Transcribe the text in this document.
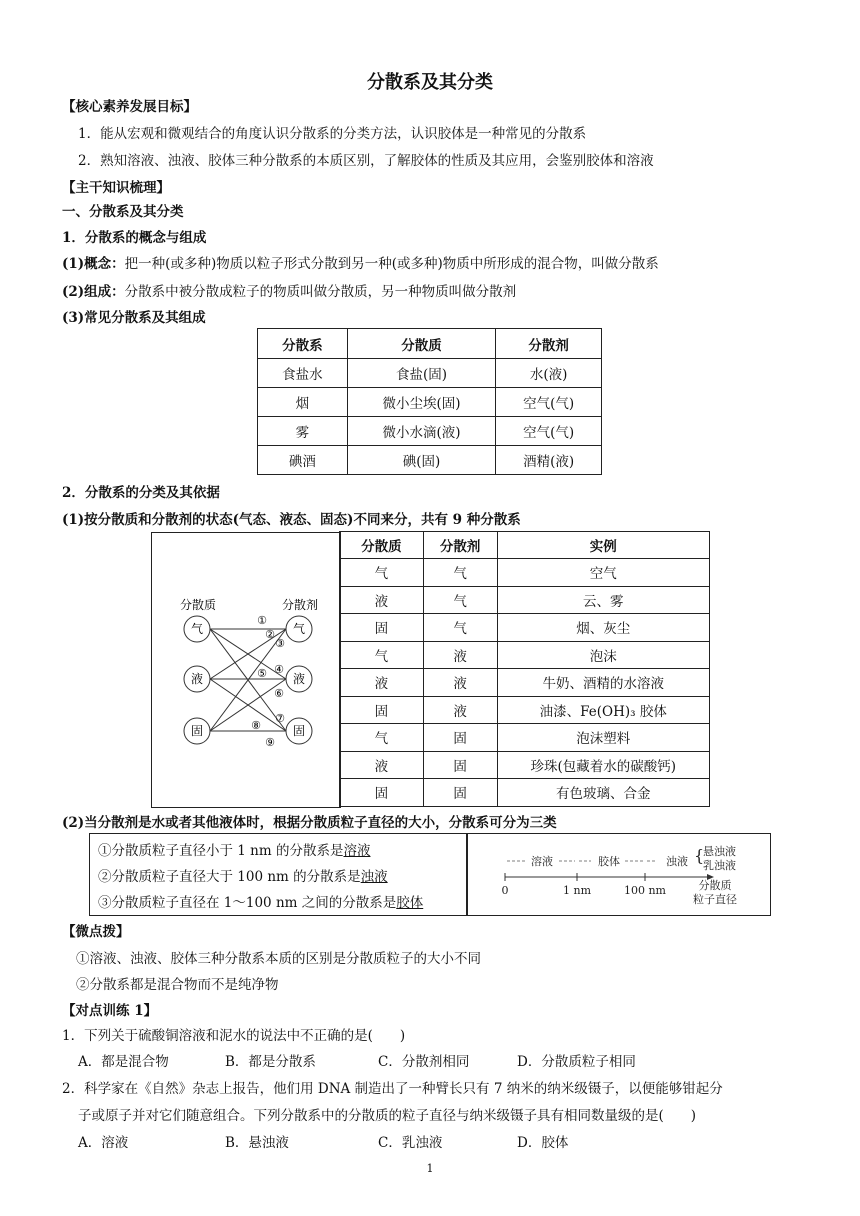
分散系及其分类
【核心素养发展目标】
1．能从宏观和微观结合的角度认识分散系的分类方法，认识胶体是一种常见的分散系
2．熟知溶液、浊液、胶体三种分散系的本质区别，了解胶体的性质及其应用，会鉴别胶体和溶液
【主干知识梳理】
一、分散系及其分类
1．分散系的概念与组成
(1)概念：把一种(或多种)物质以粒子形式分散到另一种(或多种)物质中所形成的混合物，叫做分散系
(2)组成：分散系中被分散成粒子的物质叫做分散质，另一种物质叫做分散剂
(3)常见分散系及其组成
分散系	分散质	分散剂
食盐水	食盐(固)	水(液)
烟	微小尘埃(固)	空气(气)
雾	微小水滴(液)	空气(气)
碘酒	碘(固)	酒精(液)
2．分散系的分类及其依据
(1)按分散质和分散剂的状态(气态、液态、固态)不同来分，共有 9 种分散系
分散质	分散剂
气
液
固
气
液
固
①
②
③
④
⑤
⑥
⑦
⑧
⑨
分散质	分散剂	实例
气	气	空气
液	气	云、雾
固	气	烟、灰尘
气	液	泡沫
液	液	牛奶、酒精的水溶液
固	液	油漆、Fe(OH)₃ 胶体
气	固	泡沫塑料
液	固	珍珠(包藏着水的碳酸钙)
固	固	有色玻璃、合金
(2)当分散剂是水或者其他液体时，根据分散质粒子直径的大小，分散系可分为三类
①分散质粒子直径小于 1 nm 的分散系是溶液
②分散质粒子直径大于 100 nm 的分散系是浊液
③分散质粒子直径在 1～100 nm 之间的分散系是胶体
溶液	胶体	浊液 {
悬浊液
乳浊液
0	1 nm	100 nm	分散质
粒子直径
【微点拨】
①溶液、浊液、胶体三种分散系本质的区别是分散质粒子的大小不同
②分散系都是混合物而不是纯净物
【对点训练 1】
1．下列关于硫酸铜溶液和泥水的说法中不正确的是(　　)
A．都是混合物	B．都是分散系	C．分散剂相同	D．分散质粒子相同
2．科学家在《自然》杂志上报告，他们用 DNA 制造出了一种臂长只有 7 纳米的纳米级镊子，以便能够钳起分
子或原子并对它们随意组合。下列分散系中的分散质的粒子直径与纳米级镊子具有相同数量级的是(　　)
A．溶液	B．悬浊液	C．乳浊液	D．胶体
1
